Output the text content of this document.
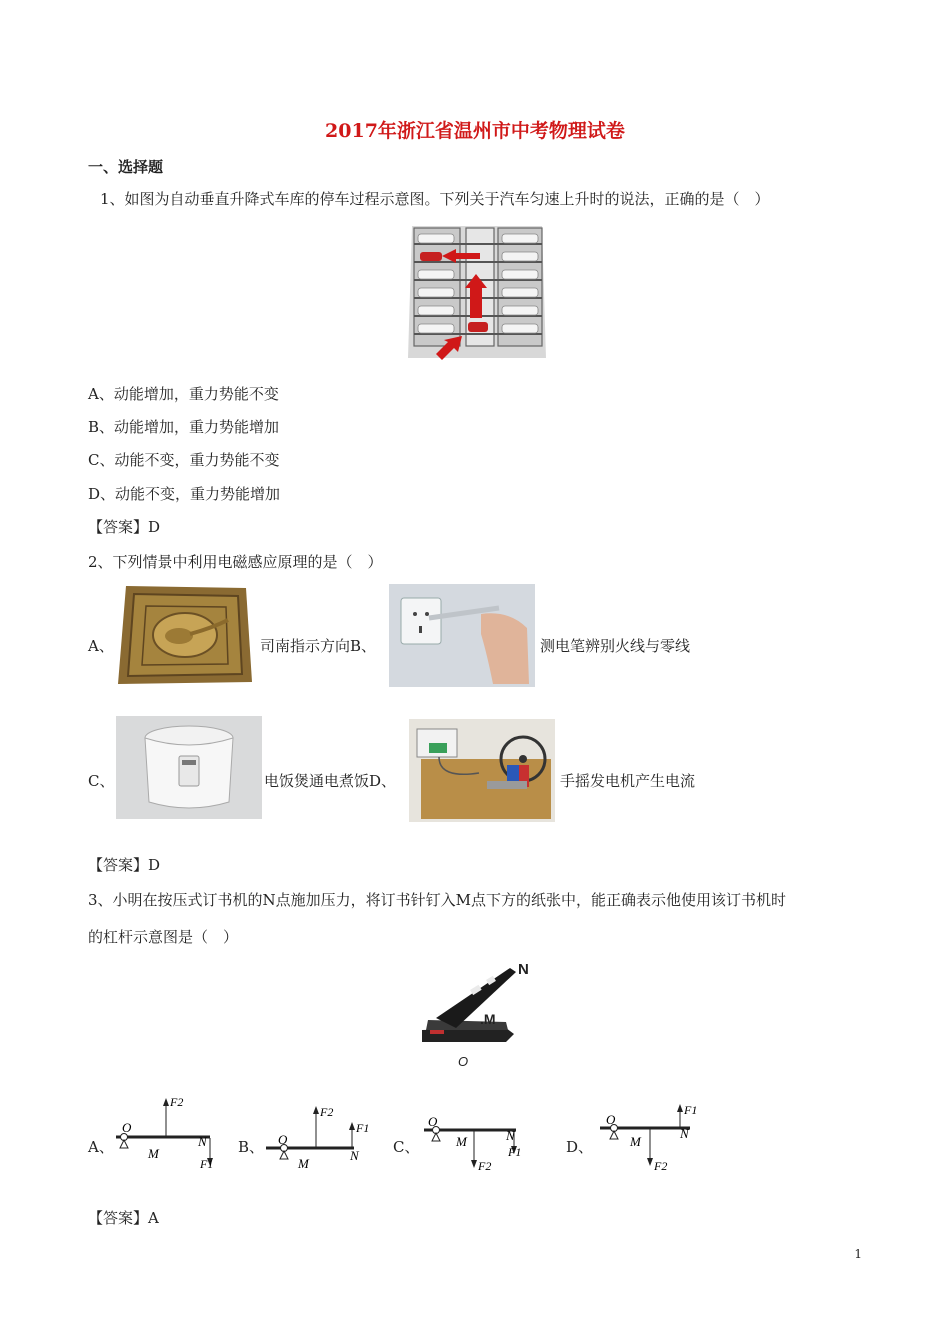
2017年浙江省温州市中考物理试卷
一、选择题
1、如图为自动垂直升降式车库的停车过程示意图。下列关于汽车匀速上升时的说法，正确的是（　）
A、动能增加，重力势能不变
B、动能增加，重力势能增加
C、动能不变，重力势能不变
D、动能不变，重力势能增加
【答案】D
2、下列情景中利用电磁感应原理的是（　）
A、	司南指示方向B、	测电笔辨别火线与零线
C、	电饭煲通电煮饭D、	手摇发电机产生电流
【答案】D
3、小明在按压式订书机的N点施加压力，将订书针钉入M点下方的纸张中，能正确表示他使用该订书机时
的杠杆示意图是（　）
N
.M
O
A、
O
M
N
F2
F1
B、 O
M
N
F2
F1
C、
O
M	N
F2
F1	D、
O
M
N
F2
F1
【答案】A
1
